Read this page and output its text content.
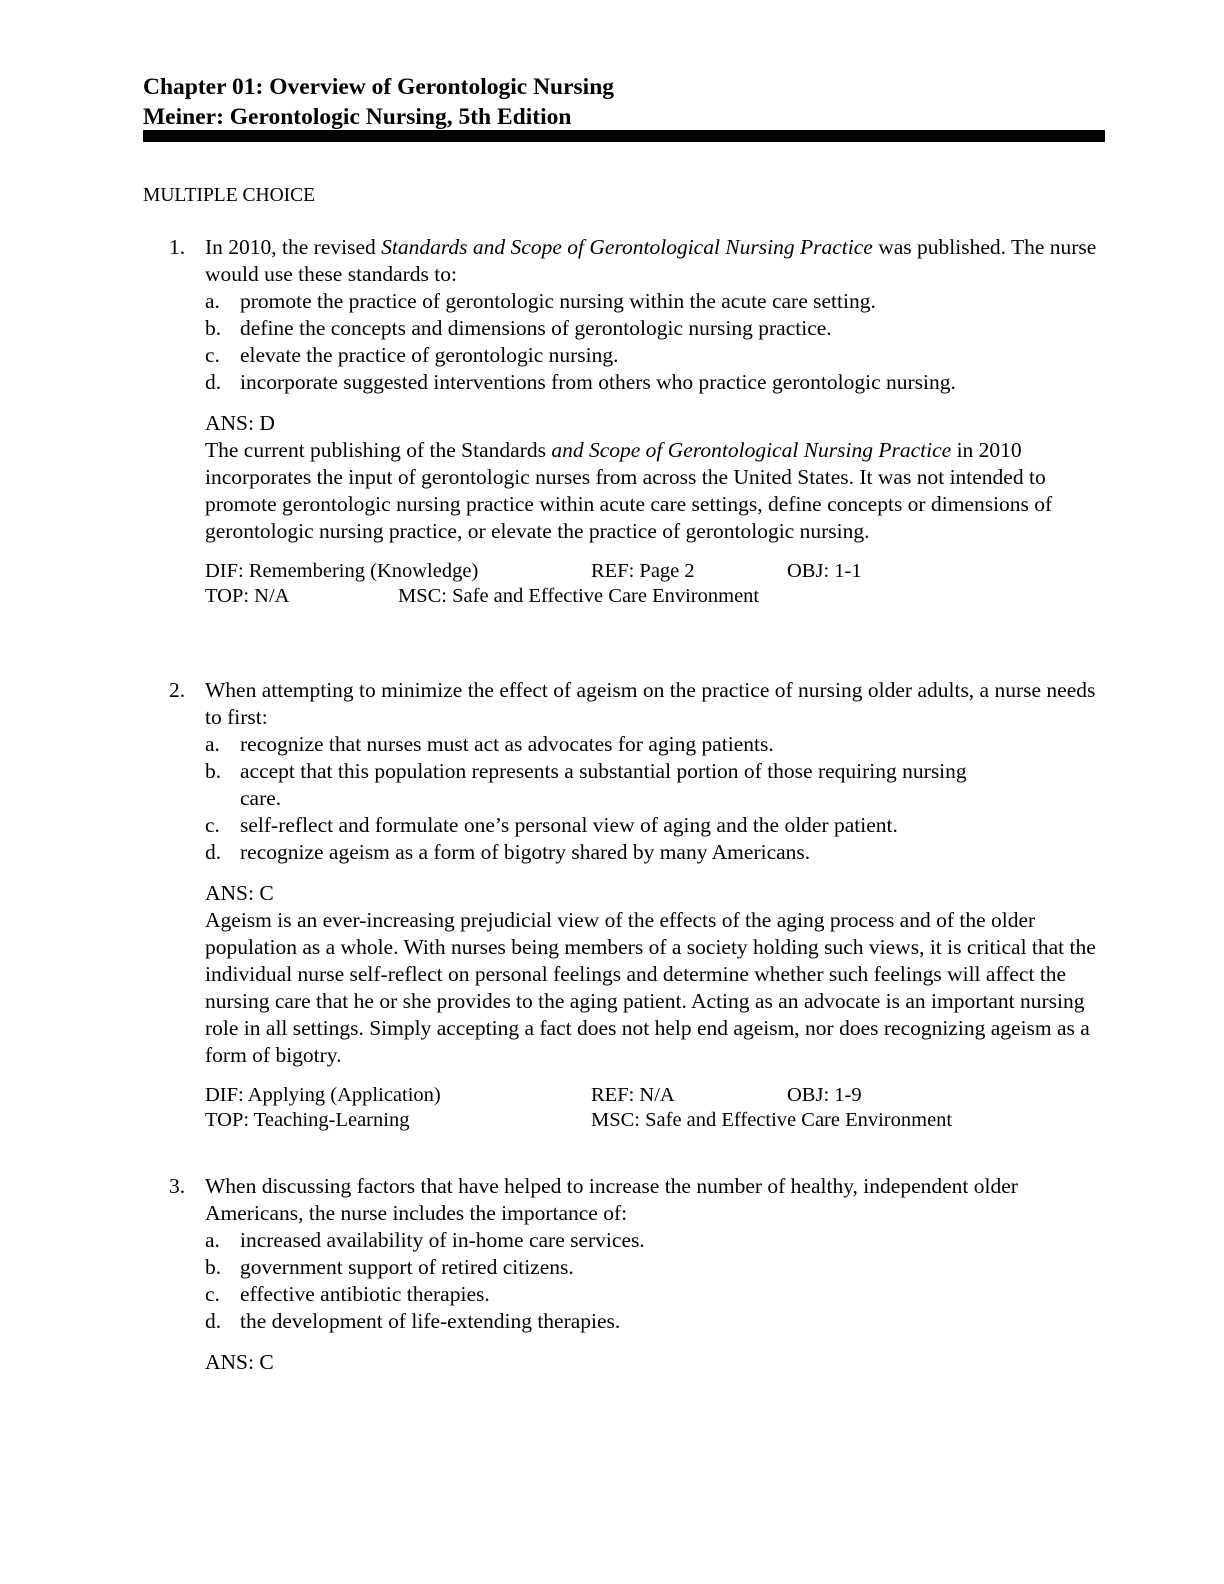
Chapter 01: Overview of Gerontologic Nursing
Meiner: Gerontologic Nursing, 5th Edition
MULTIPLE CHOICE
1. In 2010, the revised Standards and Scope of Gerontological Nursing Practice was published. The nurse would use these standards to:
a. promote the practice of gerontologic nursing within the acute care setting.
b. define the concepts and dimensions of gerontologic nursing practice.
c. elevate the practice of gerontologic nursing.
d. incorporate suggested interventions from others who practice gerontologic nursing.
ANS: D
The current publishing of the Standards and Scope of Gerontological Nursing Practice in 2010 incorporates the input of gerontologic nurses from across the United States. It was not intended to promote gerontologic nursing practice within acute care settings, define concepts or dimensions of gerontologic nursing practice, or elevate the practice of gerontologic nursing.
DIF: Remembering (Knowledge)	REF: Page 2	OBJ: 1-1
TOP: N/A	MSC: Safe and Effective Care Environment
2. When attempting to minimize the effect of ageism on the practice of nursing older adults, a nurse needs to first:
a. recognize that nurses must act as advocates for aging patients.
b. accept that this population represents a substantial portion of those requiring nursing care.
c. self-reflect and formulate one’s personal view of aging and the older patient.
d. recognize ageism as a form of bigotry shared by many Americans.
ANS: C
Ageism is an ever-increasing prejudicial view of the effects of the aging process and of the older population as a whole. With nurses being members of a society holding such views, it is critical that the individual nurse self-reflect on personal feelings and determine whether such feelings will affect the nursing care that he or she provides to the aging patient. Acting as an advocate is an important nursing role in all settings. Simply accepting a fact does not help end ageism, nor does recognizing ageism as a form of bigotry.
DIF: Applying (Application)	REF: N/A	OBJ: 1-9
TOP: Teaching-Learning	MSC: Safe and Effective Care Environment
3. When discussing factors that have helped to increase the number of healthy, independent older Americans, the nurse includes the importance of:
a. increased availability of in-home care services.
b. government support of retired citizens.
c. effective antibiotic therapies.
d. the development of life-extending therapies.
ANS: C
